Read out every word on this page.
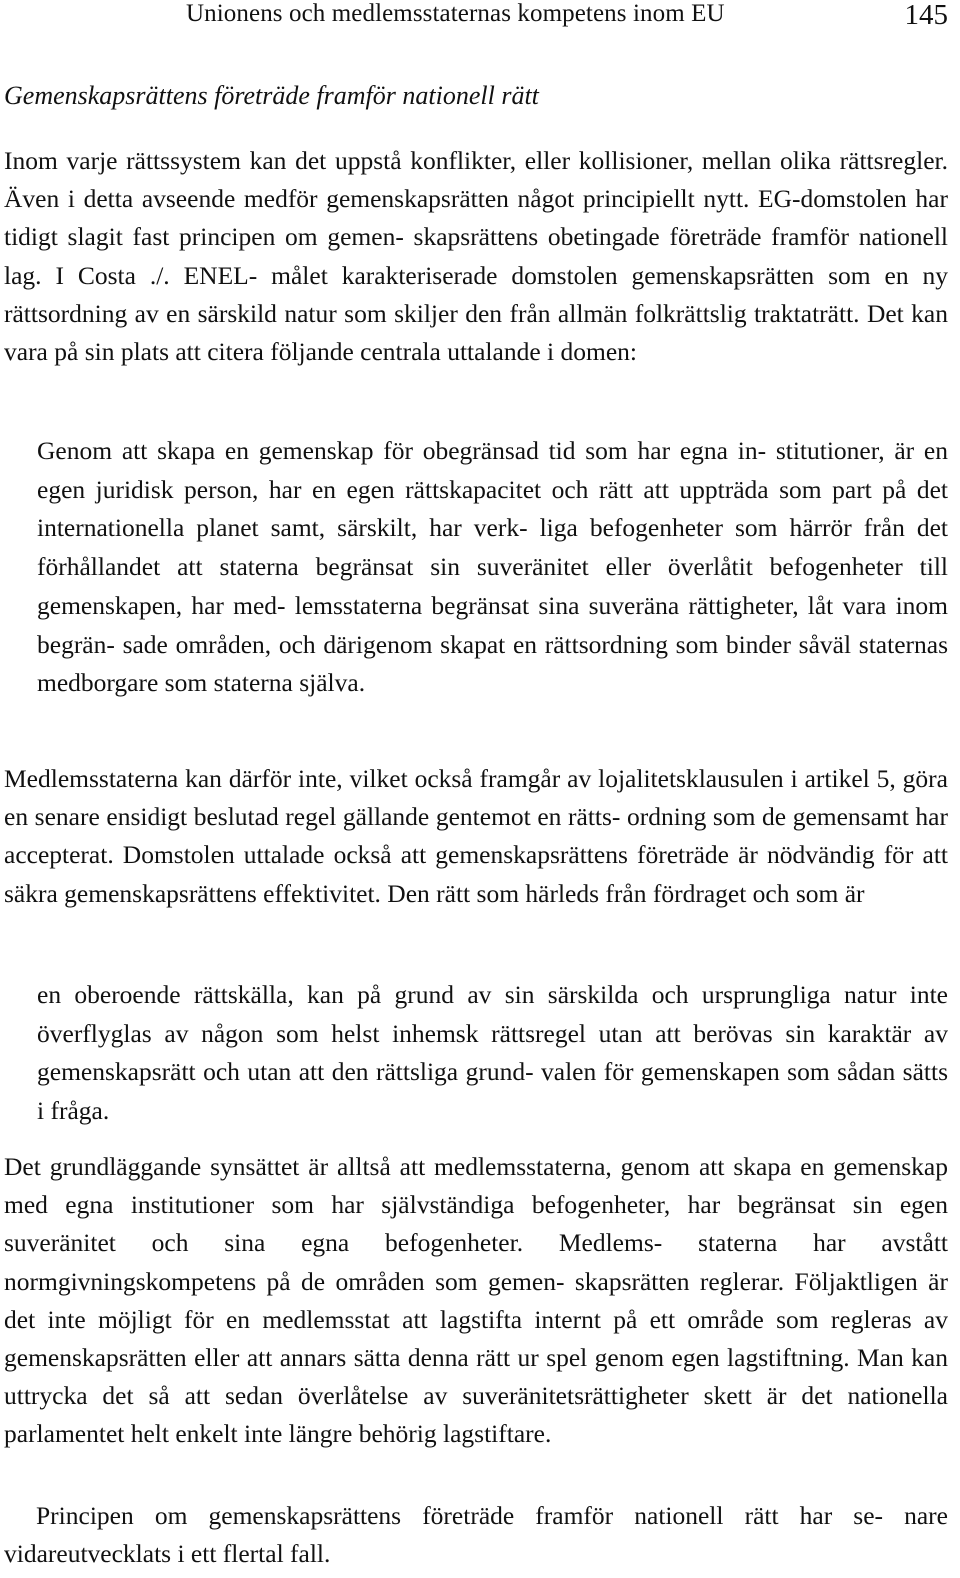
Unionens och medlemsstaternas kompetens inom EU	145
Gemenskapsrättens företräde framför nationell rätt

Inom varje rättssystem kan det uppstå konflikter, eller kollisioner, mellan olika rättsregler. Även i detta avseende medför gemenskapsrätten något principiellt nytt. EG-domstolen har tidigt slagit fast principen om gemen- skapsrättens obetingade företräde framför nationell lag. I Costa ./. ENEL- målet karakteriserade domstolen gemenskapsrätten som en ny rättsordning av en särskild natur som skiljer den från allmän folkrättslig traktaträtt. Det kan vara på sin plats att citera följande centrala uttalande i domen:

Genom att skapa en gemenskap för obegränsad tid som har egna in- stitutioner, är en egen juridisk person, har en egen rättskapacitet och rätt att uppträda som part på det internationella planet samt, särskilt, har verk- liga befogenheter som härrör från det förhållandet att staterna begränsat sin suveränitet eller överlåtit befogenheter till gemenskapen, har med- lemsstaterna begränsat sina suveräna rättigheter, låt vara inom begrän- sade områden, och därigenom skapat en rättsordning som binder såväl staternas medborgare som staterna själva.

Medlemsstaterna kan därför inte, vilket också framgår av lojalitetsklausulen i artikel 5, göra en senare ensidigt beslutad regel gällande gentemot en rätts- ordning som de gemensamt har accepterat. Domstolen uttalade också att gemenskapsrättens företräde är nödvändig för att säkra gemenskapsrättens effektivitet. Den rätt som härleds från fördraget och som är

en oberoende rättskälla, kan på grund av sin särskilda och ursprungliga natur inte överflyglas av någon som helst inhemsk rättsregel utan att berövas sin karaktär av gemenskapsrätt och utan att den rättsliga grund- valen för gemenskapen som sådan sätts i fråga.

Det grundläggande synsättet är alltså att medlemsstaterna, genom att skapa en gemenskap med egna institutioner som har självständiga befogenheter, har begränsat sin egen suveränitet och sina egna befogenheter. Medlems- staterna har avstått normgivningskompetens på de områden som gemen- skapsrätten reglerar. Följaktligen är det inte möjligt för en medlemsstat att lagstifta internt på ett område som regleras av gemenskapsrätten eller att annars sätta denna rätt ur spel genom egen lagstiftning. Man kan uttrycka det så att sedan överlåtelse av suveränitetsrättigheter skett är det nationella parlamentet helt enkelt inte längre behörig lagstiftare.

Principen om gemenskapsrättens företräde framför nationell rätt har se- nare vidareutvecklats i ett flertal fall.
